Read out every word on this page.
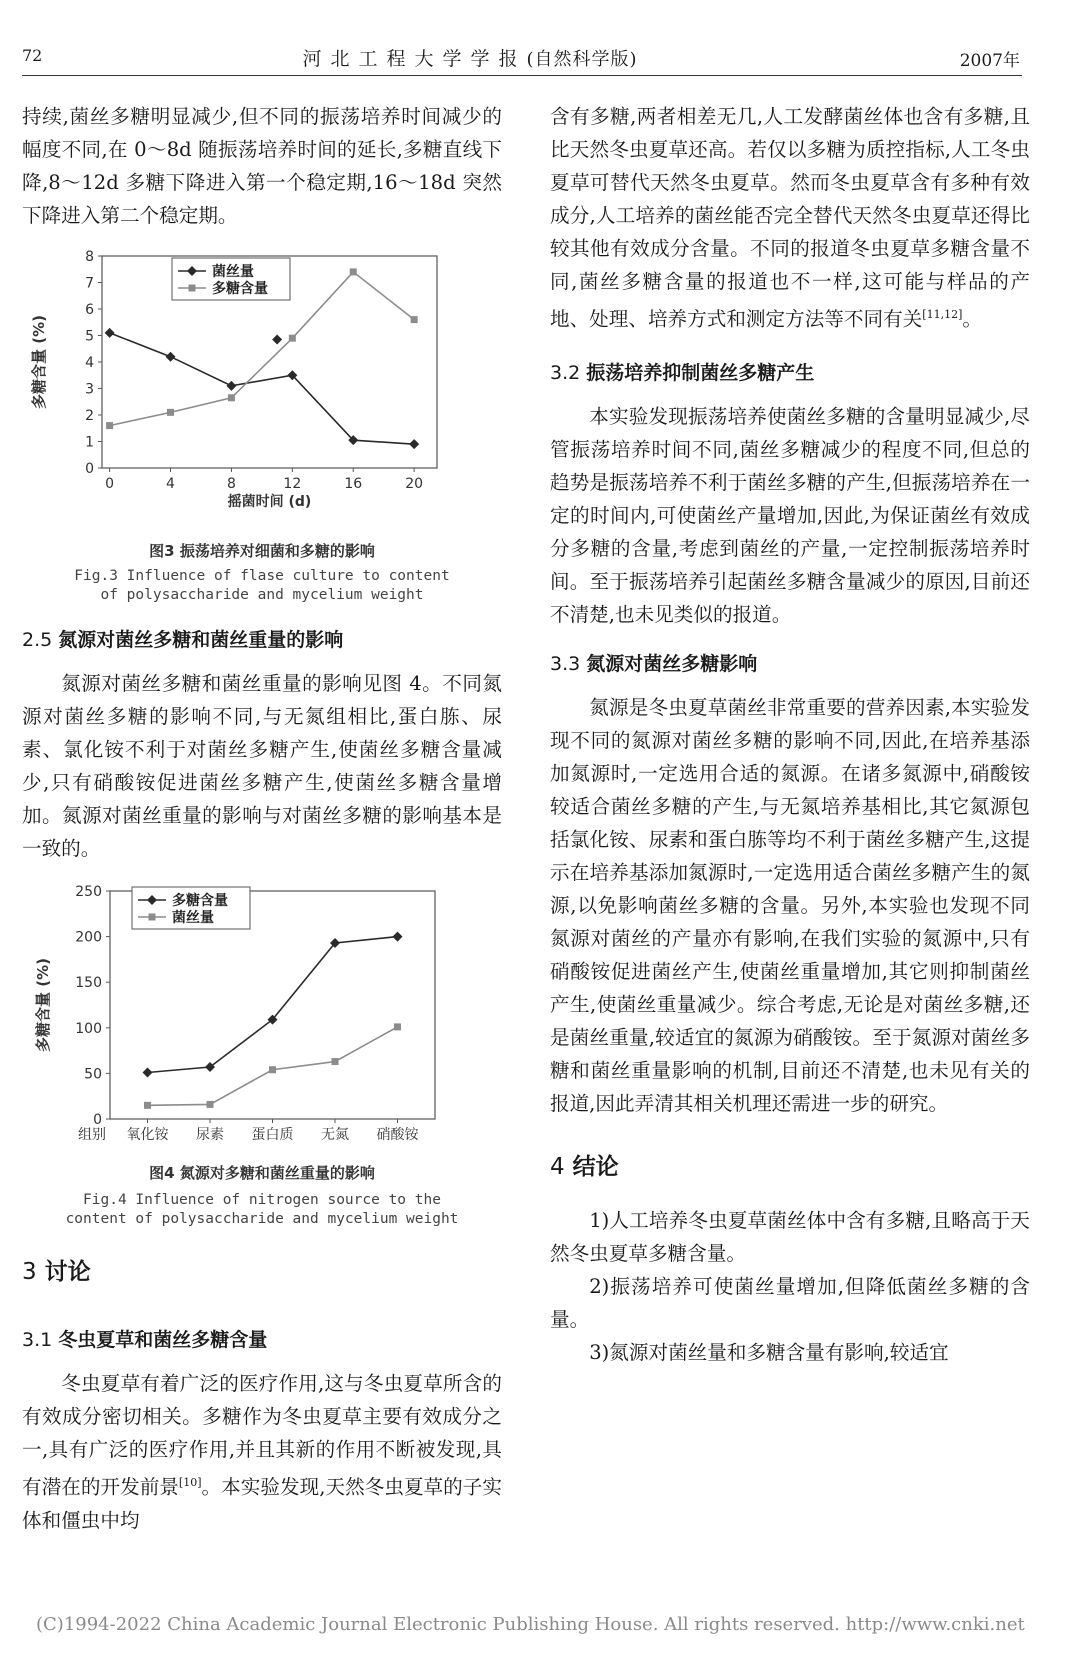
72	河北工程大学学报(自然科学版)	2007年

持续,菌丝多糖明显减少,但不同的振荡培养时间减少的幅度不同,在 0～8d 随振荡培养时间的延长,多糖直线下降,8～12d 多糖下降进入第一个稳定期,16～18d 突然下降进入第二个稳定期。

0
1
2
3
4
5
6
7
8
0	4	8	12	16	20
多糖含量 (%)
摇菌时间 (d)
菌丝量
多糖含量
图3 振荡培养对细菌和多糖的影响
Fig.3 Influence of flase culture to content
of polysaccharide and mycelium weight
2.5 氮源对菌丝多糖和菌丝重量的影响

氮源对菌丝多糖和菌丝重量的影响见图 4。不同氮源对菌丝多糖的影响不同,与无氮组相比,蛋白胨、尿素、氯化铵不利于对菌丝多糖产生,使菌丝多糖含量减少,只有硝酸铵促进菌丝多糖产生,使菌丝多糖含量增加。氮源对菌丝重量的影响与对菌丝多糖的影响基本是一致的。

0
50
100
150
200
250
氧化铵 尿素 蛋白质 无氮 硝酸铵
多糖含量 (%)
组别
多糖含量
菌丝量
图4 氮源对多糖和菌丝重量的影响
Fig.4 Influence of nitrogen source to the
content of polysaccharide and mycelium weight
3 讨论
3.1 冬虫夏草和菌丝多糖含量

冬虫夏草有着广泛的医疗作用,这与冬虫夏草所含的有效成分密切相关。多糖作为冬虫夏草主要有效成分之一,具有广泛的医疗作用,并且其新的作用不断被发现,具有潜在的开发前景[10]。本实验发现,天然冬虫夏草的子实体和僵虫中均

含有多糖,两者相差无几,人工发酵菌丝体也含有多糖,且比天然冬虫夏草还高。若仅以多糖为质控指标,人工冬虫夏草可替代天然冬虫夏草。然而冬虫夏草含有多种有效成分,人工培养的菌丝能否完全替代天然冬虫夏草还得比较其他有效成分含量。不同的报道冬虫夏草多糖含量不同,菌丝多糖含量的报道也不一样,这可能与样品的产地、处理、培养方式和测定方法等不同有关[11,12]。

3.2 振荡培养抑制菌丝多糖产生

本实验发现振荡培养使菌丝多糖的含量明显减少,尽管振荡培养时间不同,菌丝多糖减少的程度不同,但总的趋势是振荡培养不利于菌丝多糖的产生,但振荡培养在一定的时间内,可使菌丝产量增加,因此,为保证菌丝有效成分多糖的含量,考虑到菌丝的产量,一定控制振荡培养时间。至于振荡培养引起菌丝多糖含量减少的原因,目前还不清楚,也未见类似的报道。

3.3 氮源对菌丝多糖影响

氮源是冬虫夏草菌丝非常重要的营养因素,本实验发现不同的氮源对菌丝多糖的影响不同,因此,在培养基添加氮源时,一定选用合适的氮源。在诸多氮源中,硝酸铵较适合菌丝多糖的产生,与无氮培养基相比,其它氮源包括氯化铵、尿素和蛋白胨等均不利于菌丝多糖产生,这提示在培养基添加氮源时,一定选用适合菌丝多糖产生的氮源,以免影响菌丝多糖的含量。另外,本实验也发现不同氮源对菌丝的产量亦有影响,在我们实验的氮源中,只有硝酸铵促进菌丝产生,使菌丝重量增加,其它则抑制菌丝产生,使菌丝重量减少。综合考虑,无论是对菌丝多糖,还是菌丝重量,较适宜的氮源为硝酸铵。至于氮源对菌丝多糖和菌丝重量影响的机制,目前还不清楚,也未见有关的报道,因此弄清其相关机理还需进一步的研究。

4 结论

1)人工培养冬虫夏草菌丝体中含有多糖,且略高于天然冬虫夏草多糖含量。

2)振荡培养可使菌丝量增加,但降低菌丝多糖的含量。

3)氮源对菌丝量和多糖含量有影响,较适宜

(C)1994-2022 China Academic Journal Electronic Publishing House. All rights reserved. http://www.cnki.net
